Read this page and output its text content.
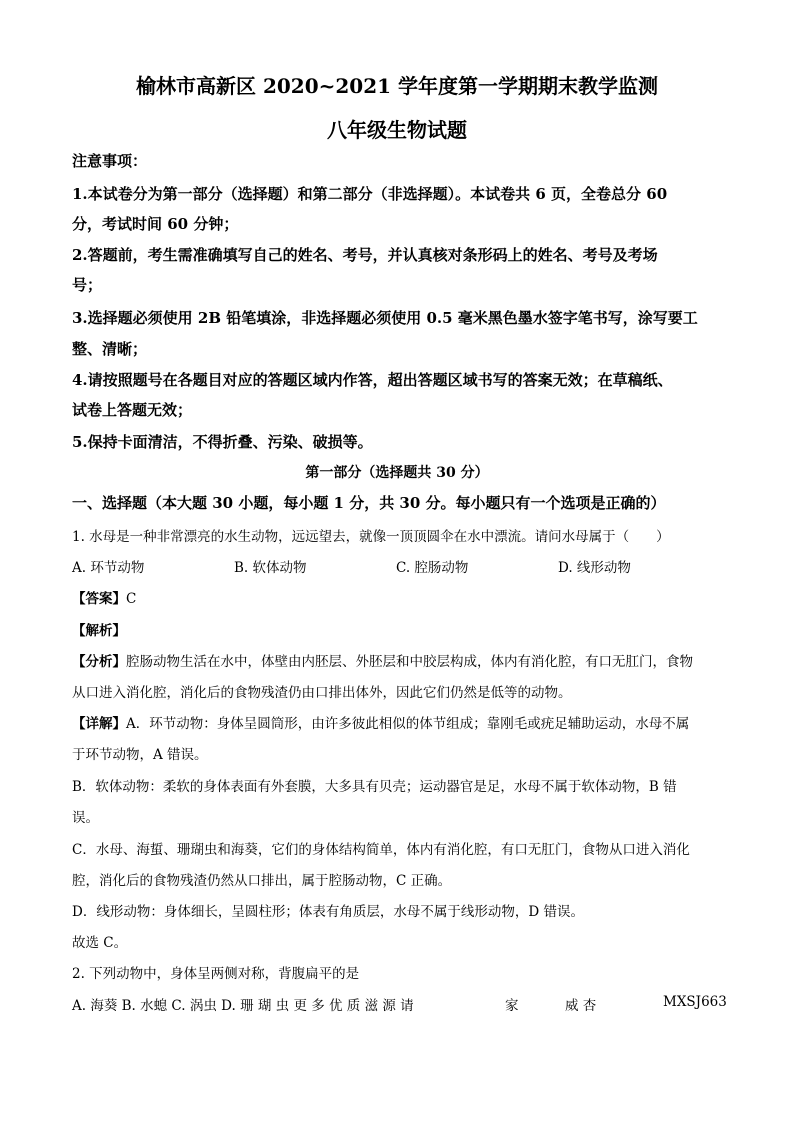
榆林市高新区 2020~2021 学年度第一学期期末教学监测
八年级生物试题
注意事项：
1.本试卷分为第一部分（选择题）和第二部分（非选择题）。本试卷共 6 页，全卷总分 60
分，考试时间 60 分钟；
2.答题前，考生需准确填写自己的姓名、考号，并认真核对条形码上的姓名、考号及考场
号；
3.选择题必须使用 2B 铅笔填涂，非选择题必须使用 0.5 毫米黑色墨水签字笔书写，涂写要工
整、清晰；
4.请按照题号在各题目对应的答题区域内作答，超出答题区域书写的答案无效；在草稿纸、
试卷上答题无效；
5.保持卡面清洁，不得折叠、污染、破损等。
第一部分（选择题共 30 分）
一、选择题（本大题 30 小题，每小题 1 分，共 30 分。每小题只有一个选项是正确的）
1. 水母是一种非常漂亮的水生动物，远远望去，就像一顶顶圆伞在水中漂流。请问水母属于（　　）
A. 环节动物	B. 软体动物	C. 腔肠动物	D. 线形动物
【答案】C
【解析】
【分析】腔肠动物生活在水中，体壁由内胚层、外胚层和中胶层构成，体内有消化腔，有口无肛门，食物
从口进入消化腔，消化后的食物残渣仍由口排出体外，因此它们仍然是低等的动物。
【详解】A．环节动物：身体呈圆筒形，由许多彼此相似的体节组成；靠刚毛或疣足辅助运动，水母不属
于环节动物，A 错误。
B．软体动物：柔软的身体表面有外套膜，大多具有贝壳；运动器官是足，水母不属于软体动物，B 错
误。
C．水母、海蜇、珊瑚虫和海葵，它们的身体结构简单，体内有消化腔，有口无肛门，食物从口进入消化
腔，消化后的食物残渣仍然从口排出，属于腔肠动物，C 正确。
D．线形动物：身体细长，呈圆柱形；体表有角质层，水母不属于线形动物，D 错误。
故选 C。
2. 下列动物中，身体呈两侧对称，背腹扁平的是
A. 海葵 B. 水螅 C. 涡虫 D. 珊 瑚 虫 更 多 优 质 滋 源 请	家	威 杏	MXSJ663
